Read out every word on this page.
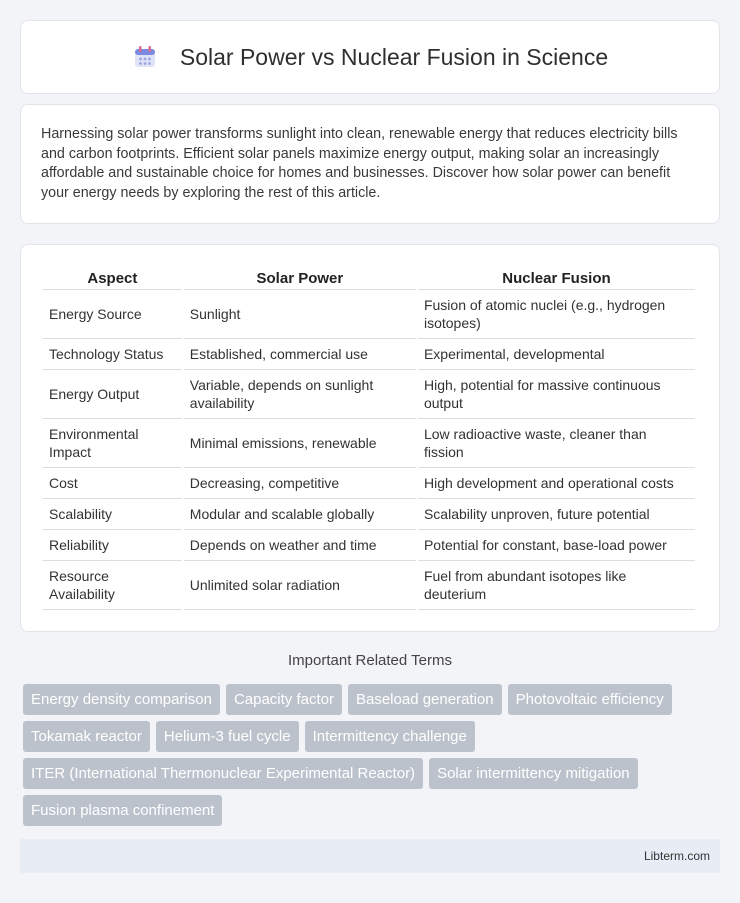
Solar Power vs Nuclear Fusion in Science

Harnessing solar power transforms sunlight into clean, renewable energy that reduces electricity bills and carbon footprints. Efficient solar panels maximize energy output, making solar an increasingly affordable and sustainable choice for homes and businesses. Discover how solar power can benefit your energy needs by exploring the rest of this article.

Aspect	Solar Power	Nuclear Fusion
Energy Source	Sunlight	Fusion of atomic nuclei (e.g., hydrogen isotopes)
Technology Status	Established, commercial use	Experimental, developmental
Energy Output	Variable, depends on sunlight availability	High, potential for massive continuous output
Environmental Impact	Minimal emissions, renewable	Low radioactive waste, cleaner than fission
Cost	Decreasing, competitive	High development and operational costs
Scalability	Modular and scalable globally	Scalability unproven, future potential
Reliability	Depends on weather and time	Potential for constant, base-load power
Resource Availability	Unlimited solar radiation	Fuel from abundant isotopes like deuterium
Important Related Terms
Energy density comparison	Capacity factor	Baseload generation	Photovoltaic efficiency
Tokamak reactor	Helium-3 fuel cycle	Intermittency challenge
ITER (International Thermonuclear Experimental Reactor)	Solar intermittency mitigation
Fusion plasma confinement
Libterm.com
